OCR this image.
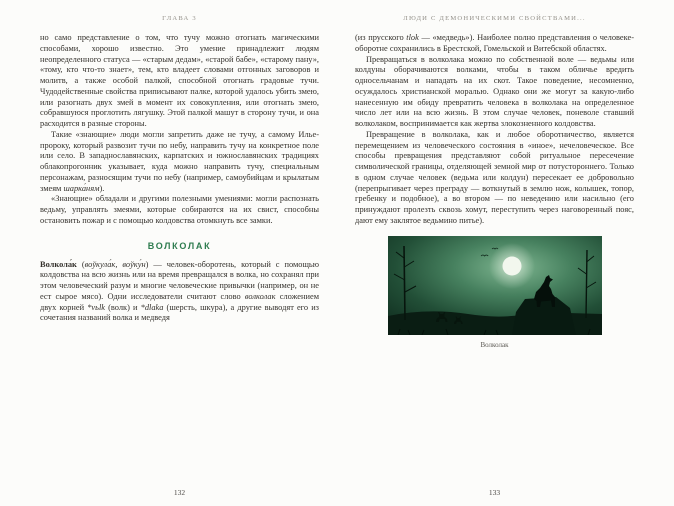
ГЛАВА 3

но само представление о том, что тучу можно отогнать магическими способами, хорошо известно. Это умение принадлежит людям неопределенного статуса — «старым дедам», «старой бабе», «старому пану», «тому, кто что-то знает», тем, кто владеет словами отгонных заговоров и молитв, а также особой палкой, способной отогнать градовые тучи. Чудодейственные свойства приписывают палке, которой удалось убить змею, или разогнать двух змей в момент их совокупления, или отогнать змею, собравшуюся проглотить лягушку. Этой палкой машут в сторону тучи, и она расходится в разные стороны.

Такие «знающие» люди могли запретить даже не тучу, а самому Илье-пророку, который развозит тучи по небу, направить тучу на конкретное поле или село. В западнославянских, карпатских и южнославянских традициях облакопрогонник указывает, куда можно направить тучу, специальным персонажам, разносящим тучи по небу (например, самоубийцам и крылатым змеям шарка́ням).

«Знающие» обладали и другими полезными умениями: могли распознать ведьму, управлять змеями, которые собираются на их свист, способны остановить пожар и с помощью колдовства отомкнуть все замки.

ВОЛКОЛАК

Волкола́к (воўкула́к, воўку́н) — человек-оборотень, который с помощью колдовства на всю жизнь или на время превращался в волка, но сохранял при этом человеческий разум и многие человеческие привычки (например, он не ест сырое мясо). Одни исследователи считают слово волколак сложением двух корней *vьlk (волк) и *dlaka (шерсть, шкура), а другие выводят его из сочетания названий волка и медведя

132
ЛЮДИ С ДЕМОНИЧЕСКИМИ СВОЙСТВАМИ...

(из прусского tlok — «медведь»). Наиболее полно представления о человеке-оборотне сохранились в Брестской, Гомельской и Витебской областях.

Превращаться в волколака можно по собственной воле — ведьмы или колдуны оборачиваются волками, чтобы в таком обличье вредить односельчанам и нападать на их скот. Такое поведение, несомненно, осуждалось христианской моралью. Однако они же могут за какую-либо нанесенную им обиду превратить человека в волколака на определенное число лет или на всю жизнь. В этом случае человек, поневоле ставший волколаком, воспринимается как жертва злокозненного колдовства.

Превращение в волколака, как и любое оборотничество, является перемещением из человеческого состояния в «иное», нечеловеческое. Все способы превращения представляют собой ритуальное пересечение символической границы, отделяющей земной мир от потустороннего. Только в одном случае человек (ведьма или колдун) пересекает ее добровольно (перепрыгивает через преграду — воткнутый в землю нож, колышек, топор, гребенку и подобное), а во втором — по неведению или насильно (его принуждают пролезть сквозь хомут, переступить через наговоренный пояс, дают ему заклятое ведьмино питье).

Волколак
133
